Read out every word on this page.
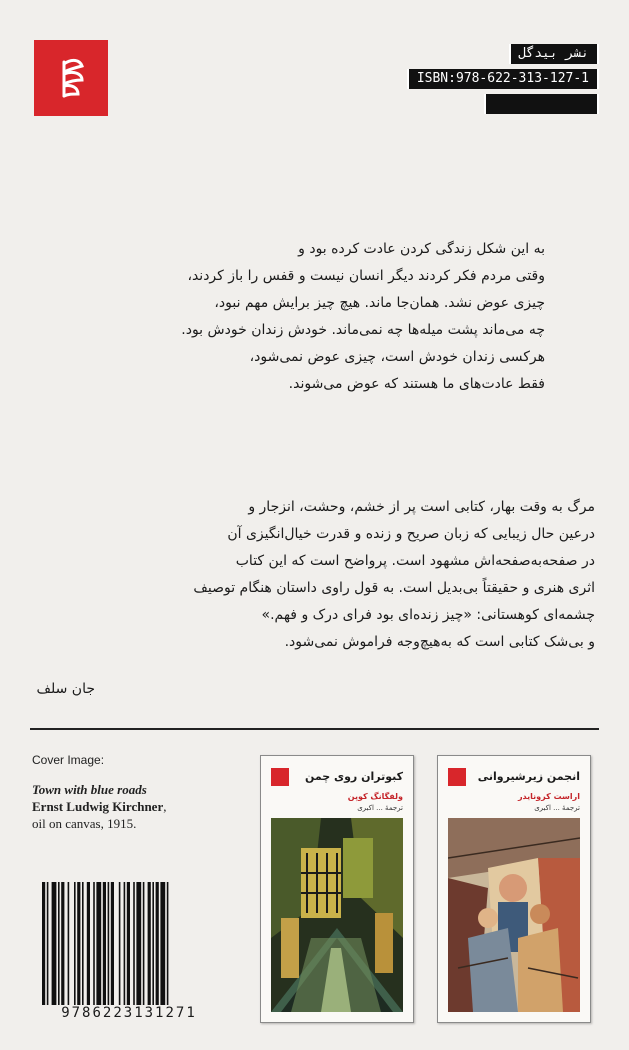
نشر بیدگل
ISBN:978-622-313-127-1

به این شکل زندگی کردن عادت کرده بود و

وقتی مردم فکر کردند دیگر انسان نیست و قفس را باز کردند،

چیزی عوض نشد. همان‌جا ماند. هیچ چیز برایش مهم نبود،

چه می‌ماند پشت میله‌ها چه نمی‌ماند. خودش زندان خودش بود.

هرکسی زندان خودش است، چیزی عوض نمی‌شود،

فقط عادت‌های ما هستند که عوض می‌شوند.

مرگ به وقت بهار، کتابی است پر از خشم، وحشت، انزجار و

درعین حال زیبایی که زبان صریح و زنده و قدرت خیال‌انگیزی آن

در صفحه‌به‌صفحه‌اش مشهود است. پرواضح است که این کتاب

اثری هنری و حقیقتاً بی‌بدیل است. به قول راوی داستان هنگام توصیف

چشمه‌ای کوهستانی: «چیز زنده‌ای بود فرای درک و فهم.»

و بی‌شک کتابی است که به‌هیچ‌وجه فراموش نمی‌شود.

جان سلف
Cover Image:
Town with blue roads
Ernst Ludwig Kirchner,
oil on canvas, 1915.
کبوتران روی چمن
ولفگانگ کوپن
ترجمهٔ ... اکبری
انجمن زیرشیروانی
اراست کرونایدر
ترجمهٔ ... اکبری
9786223131271
